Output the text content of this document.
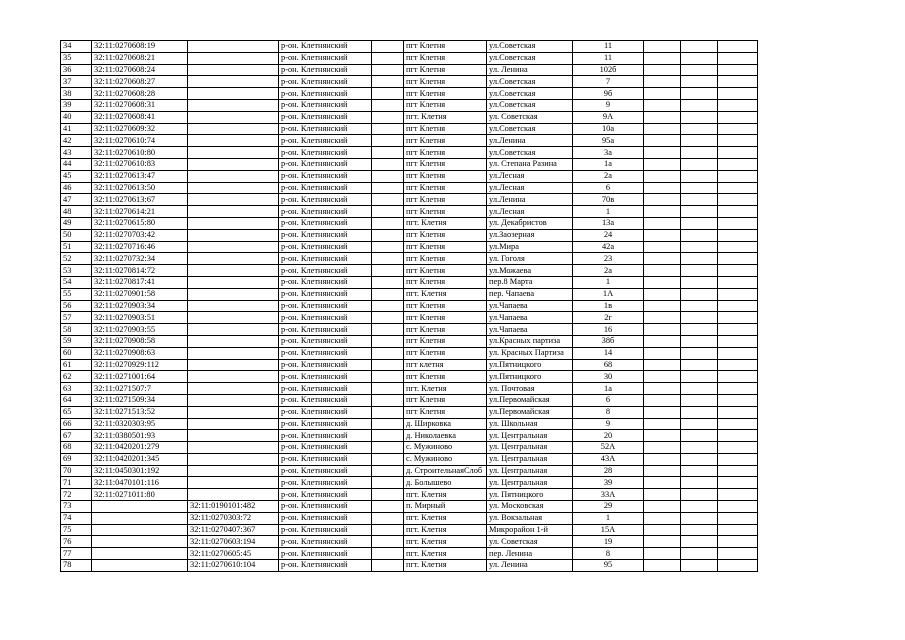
34	32:11:0270608:19		р-он. Клетнянский		пгт Клетня	ул.Советская	11			
35	32:11:0270608:21		р-он. Клетнянский		пгт Клетня	ул.Советская	11			
36	32:11:0270608:24		р-он. Клетнянский		пгт Клетня	ул. Ленина	102б			
37	32:11:0270608:27		р-он. Клетнянский		пгт Клетня	ул.Советская	7			
38	32:11:0270608:28		р-он. Клетнянский		пгт Клетня	ул.Советская	9б			
39	32:11:0270608:31		р-он. Клетнянский		пгт Клетня	ул.Советская	9			
40	32:11:0270608:41		р-он. Клетнянский		пгт. Клетня	ул. Советская	9А			
41	32:11:0270609:32		р-он. Клетнянский		пгт Клетня	ул.Советская	10а			
42	32:11:0270610:74		р-он. Клетнянский		пгт Клетня	ул.Ленина	95а			
43	32:11:0270610:80		р-он. Клетнянский		пгт Клетня	ул.Советская	3а			
44	32:11:0270610:83		р-он. Клетнянский		пгт Клетня	ул. Степана Разина	1а			
45	32:11:0270613:47		р-он. Клетнянский		пгт Клетня	ул.Лесная	2а			
46	32:11:0270613:50		р-он. Клетнянский		пгт Клетня	ул.Лесная	6			
47	32:11:0270613:67		р-он. Клетнянский		пгт Клетня	ул.Ленина	70в			
48	32:11:0270614:21		р-он. Клетнянский		пгт Клетня	ул.Лесная	1			
49	32:11:0270615:80		р-он. Клетнянский		пгт. Клетня	ул. Декабристов	13а			
50	32:11:0270703:42		р-он. Клетнянский		пгт Клетня	ул.Заозерная	24			
51	32:11:0270716:46		р-он. Клетнянский		пгт Клетня	ул.Мира	42а			
52	32:11:0270732:34		р-он. Клетнянский		пгт Клетня	ул. Гоголя	23			
53	32:11:0270814:72		р-он. Клетнянский		пгт Клетня	ул.Можаева	2а			
54	32:11:0270817:41		р-он. Клетнянский		пгт Клетня	пер.8 Марта	1			
55	32:11:0270901:58		р-он. Клетнянский		пгт. Клетня	пер. Чапаева	1А			
56	32:11:0270903:34		р-он. Клетнянский		пгт Клетня	ул.Чапаева	1в			
57	32:11:0270903:51		р-он. Клетнянский		пгт Клетня	ул.Чапаева	2г			
58	32:11:0270903:55		р-он. Клетнянский		пгт Клетня	ул.Чапаева	16			
59	32:11:0270908:58		р-он. Клетнянский		пгт Клетня	ул.Красных партиза	38б			
60	32:11:0270908:63		р-он. Клетнянский		пгт Клетня	ул. Красных Партиза	14			
61	32:11:0270929:112		р-он. Клетнянский		пгт клетня	ул.Пятницкого	68			
62	32:11:0271001:64		р-он. Клетнянский		пгт Клетня	ул.Пятницкого	30			
63	32:11:0271507:7		р-он. Клетнянский		пгт. Клетня	ул. Почтовая	1а			
64	32:11:0271509:34		р-он. Клетнянский		пгт Клетня	ул.Первомайская	6			
65	32:11:0271513:52		р-он. Клетнянский		пгт Клетня	ул.Первомайская	8			
66	32:11:0320303:95		р-он. Клетнянский		д. Ширковка	ул. Школьная	9			
67	32:11:0380501:93		р-он. Клетнянский		д. Николаевка	ул. Центральная	20			
68	32:11:0420201:279		р-он. Клетнянский		с. Мужиново	ул. Центральная	52А			
69	32:11:0420201:345		р-он. Клетнянский		с. Мужиново	ул. Центральная	43А			
70	32:11:0450301:192		р-он. Клетнянский		д. СтроительнаяСлоб	ул. Центральная	28			
71	32:11:0470101:116		р-он. Клетнянский		д. Болышево	ул. Центральная	39			
72	32:11:0271011:80		р-он. Клетнянский		пгт. Клетня	ул. Пятницкого	33А			
73		32:11:0190101:482	р-он. Клетнянский		п. Мирный	ул. Московская	29			
74		32:11:0270303:72	р-он. Клетнянский		пгт. Клетня	ул. Вокзальная	1			
75		32:11:0270407:367	р-он. Клетнянский		пгт. Клетня	Микрорайон 1-й	15А			
76		32:11:0270603:194	р-он. Клетнянский		пгт. Клетня	ул. Советская	19			
77		32:11:0270605:45	р-он. Клетнянский		пгт. Клетня	пер. Ленина	8			
78		32:11:0270610:104	р-он. Клетнянский		пгт. Клетня	ул. Ленина	95			
